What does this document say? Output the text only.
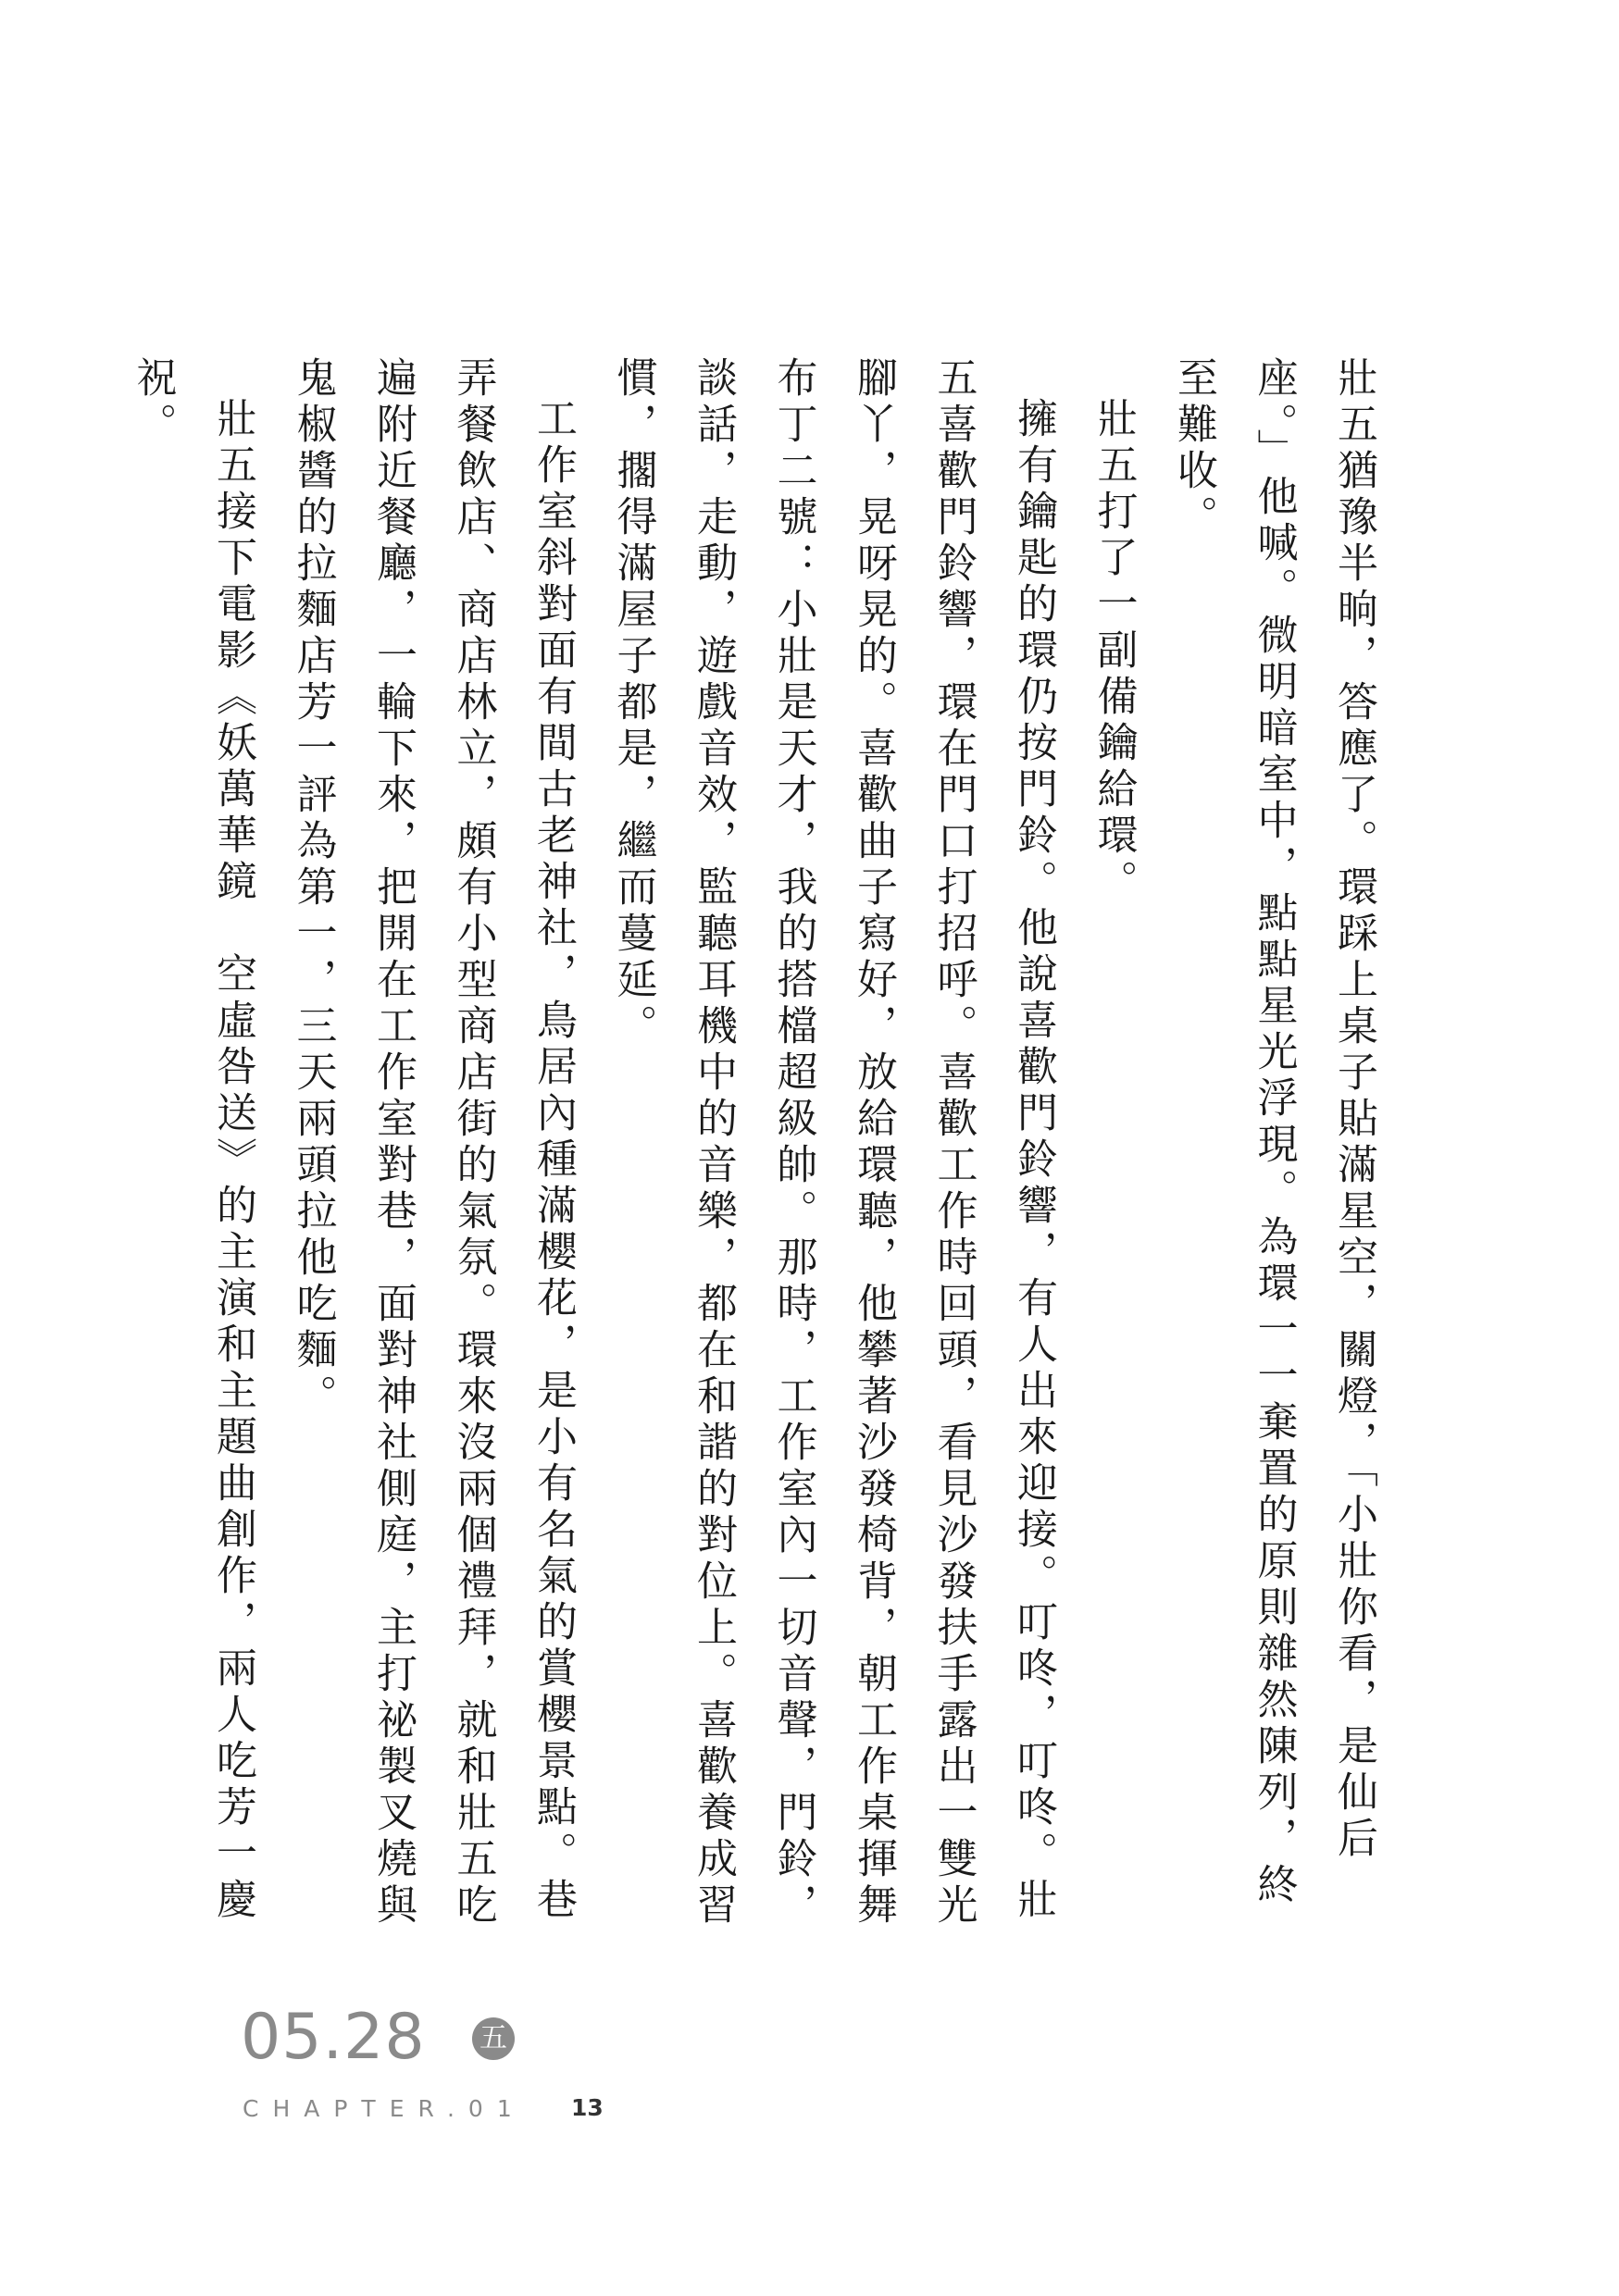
壯五猶豫半晌，答應了。環踩上桌子貼滿星空，關燈，「小壯你看，是仙后座。」他喊。微明暗室中，點點星光浮現。為環一一棄置的原則雜然陳列，終至難收。

壯五打了一副備鑰給環。

擁有鑰匙的環仍按門鈴。他說喜歡門鈴響，有人出來迎接。叮咚，叮咚。壯五喜歡門鈴響，環在門口打招呼。喜歡工作時回頭，看見沙發扶手露出一雙光腳丫，晃呀晃的。喜歡曲子寫好，放給環聽，他攀著沙發椅背，朝工作桌揮舞布丁二號：小壯是天才，我的搭檔超級帥。那時，工作室內一切音聲，門鈴，談話，走動，遊戲音效，監聽耳機中的音樂，都在和諧的對位上。喜歡養成習慣，擱得滿屋子都是，繼而蔓延。

工作室斜對面有間古老神社，鳥居內種滿櫻花，是小有名氣的賞櫻景點。巷弄餐飲店、商店林立，頗有小型商店街的氣氛。環來沒兩個禮拜，就和壯五吃遍附近餐廳，一輪下來，把開在工作室對巷，面對神社側庭，主打祕製叉燒與鬼椒醬的拉麵店芳一評為第一，三天兩頭拉他吃麵。

壯五接下電影《妖萬華鏡　空虛咎送》的主演和主題曲創作，兩人吃芳一慶祝。

05.28 五
CHAPTER.01 13
